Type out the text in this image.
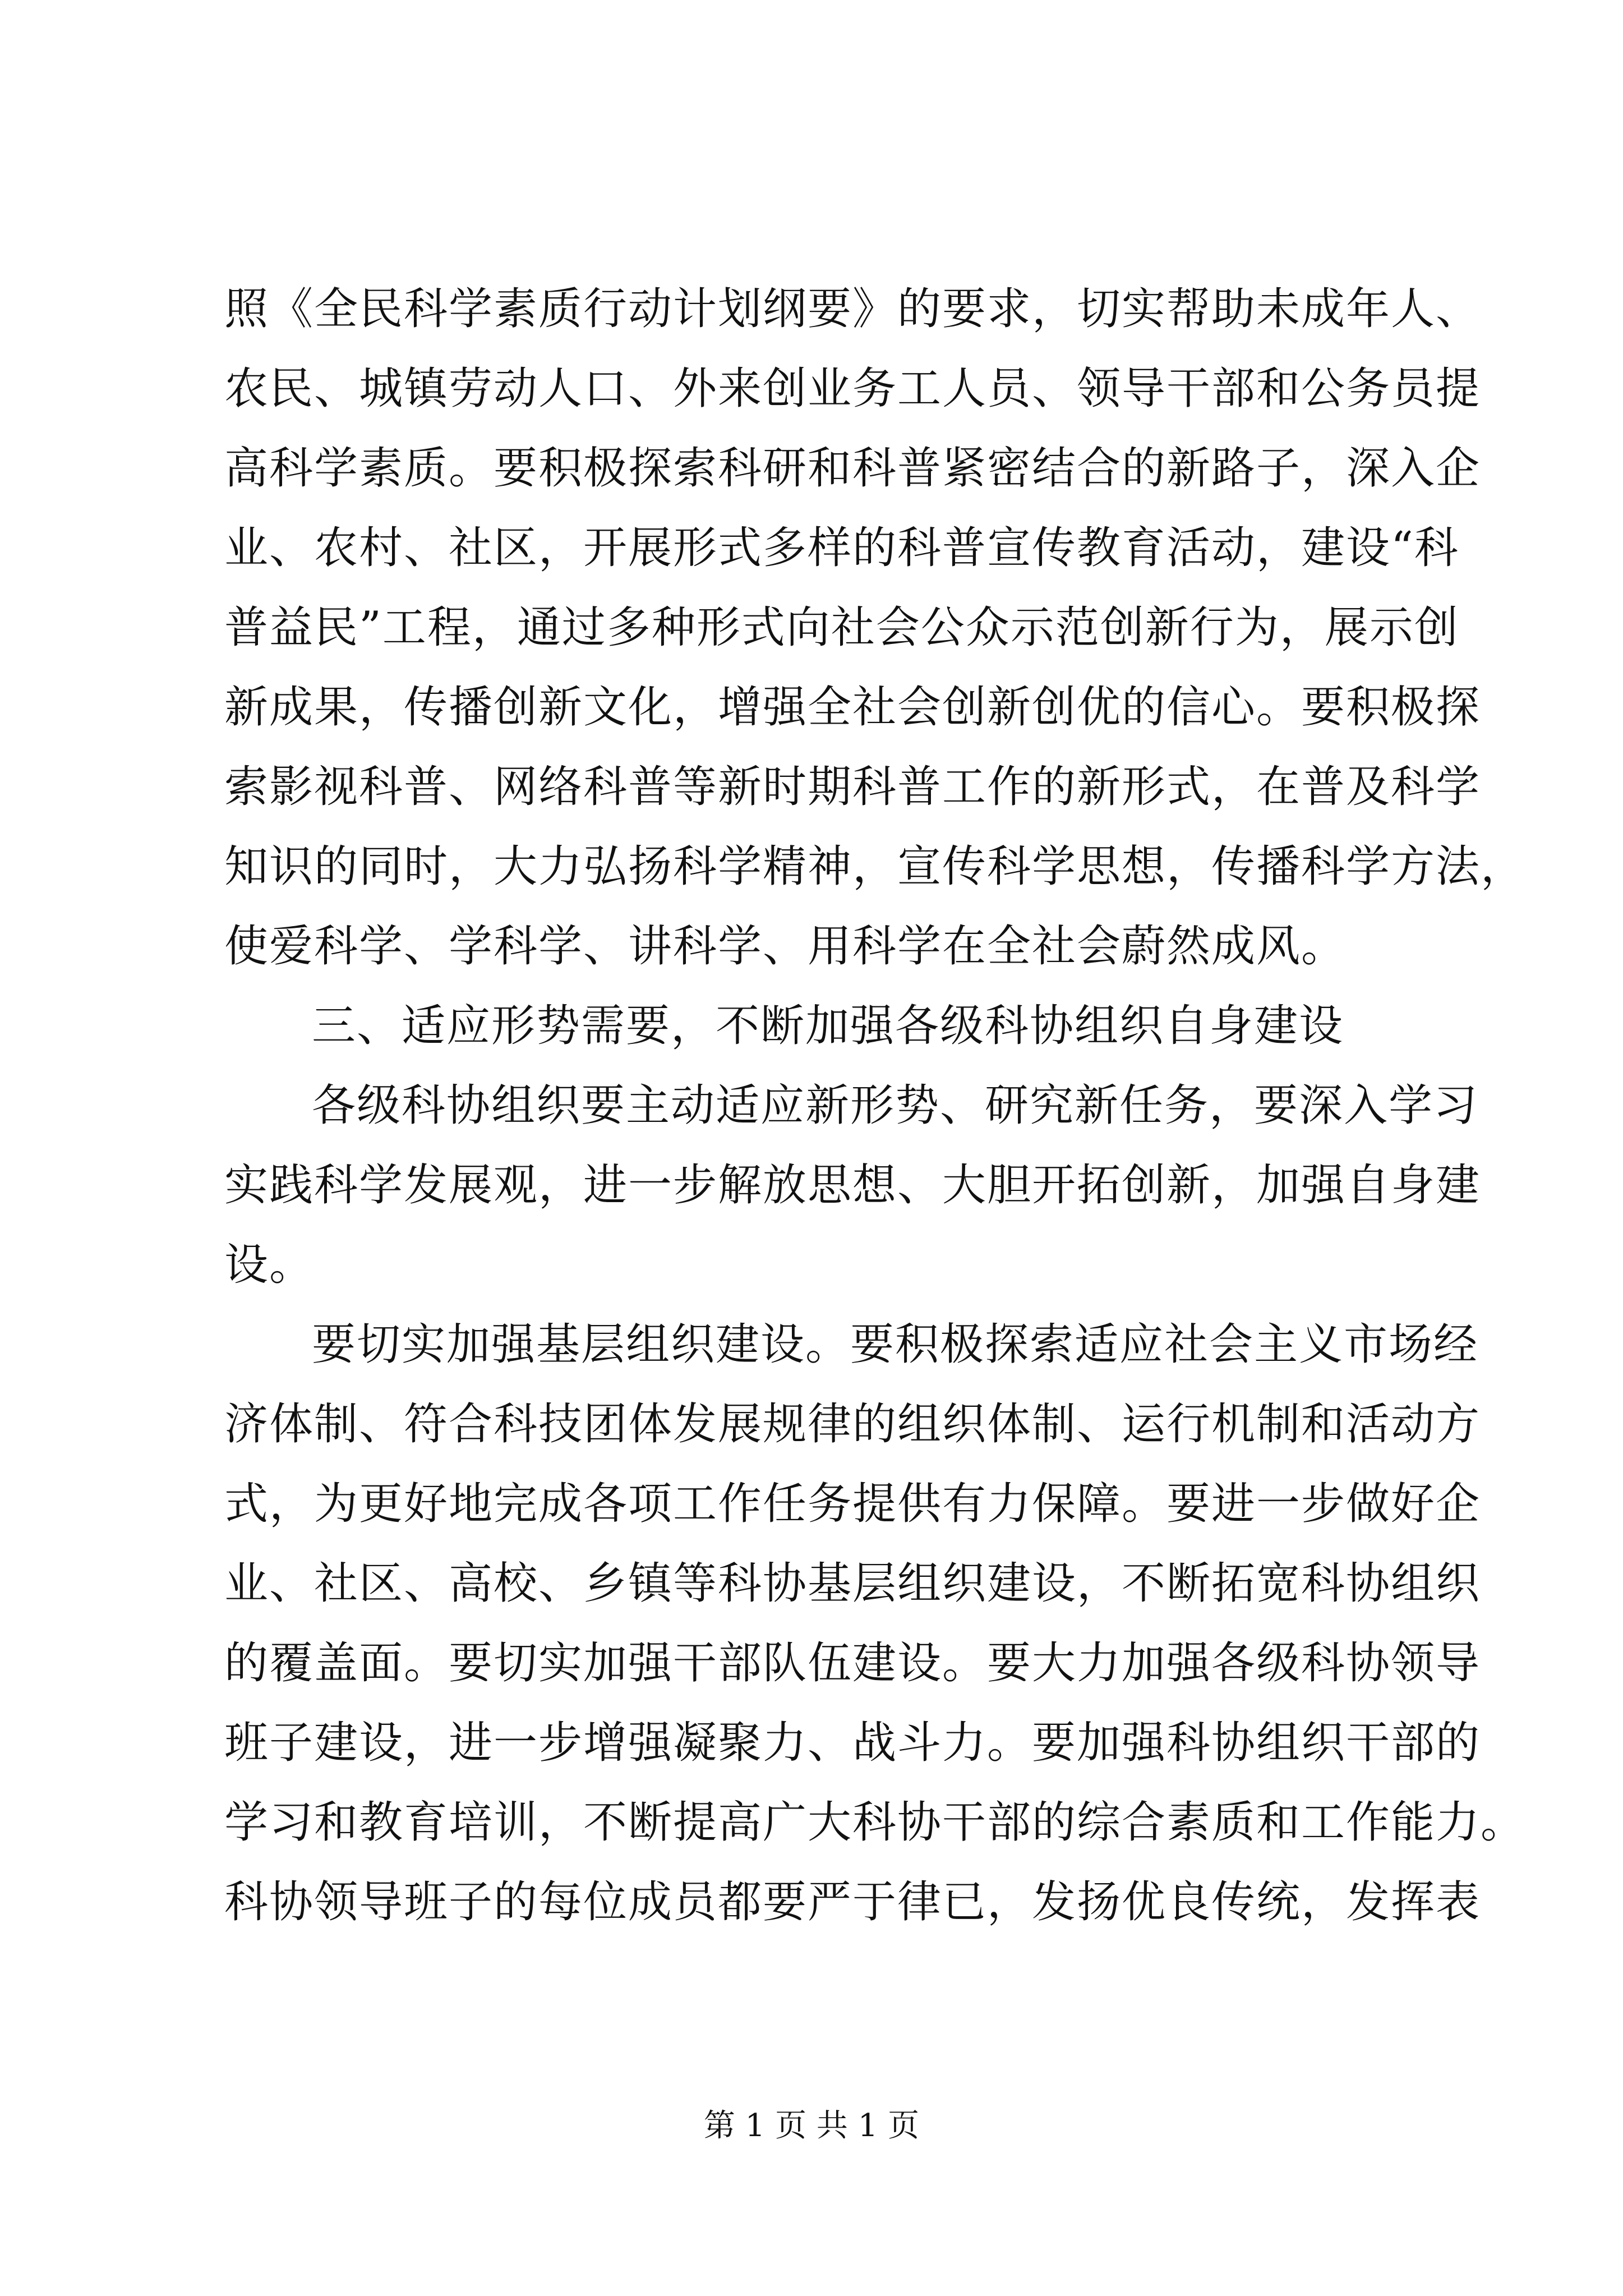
照《全民科学素质行动计划纲要》的要求，切实帮助未成年人、
农民、城镇劳动人口、外来创业务工人员、领导干部和公务员提
高科学素质。要积极探索科研和科普紧密结合的新路子，深入企
业、农村、社区，开展形式多样的科普宣传教育活动，建设“科
普益民”工程，通过多种形式向社会公众示范创新行为，展示创
新成果，传播创新文化，增强全社会创新创优的信心。要积极探
索影视科普、网络科普等新时期科普工作的新形式，在普及科学
知识的同时，大力弘扬科学精神，宣传科学思想，传播科学方法，
使爱科学、学科学、讲科学、用科学在全社会蔚然成风。
三、适应形势需要，不断加强各级科协组织自身建设
各级科协组织要主动适应新形势、研究新任务，要深入学习
实践科学发展观，进一步解放思想、大胆开拓创新，加强自身建
设。
要切实加强基层组织建设。要积极探索适应社会主义市场经
济体制、符合科技团体发展规律的组织体制、运行机制和活动方
式，为更好地完成各项工作任务提供有力保障。要进一步做好企
业、社区、高校、乡镇等科协基层组织建设，不断拓宽科协组织
的覆盖面。要切实加强干部队伍建设。要大力加强各级科协领导
班子建设，进一步增强凝聚力、战斗力。要加强科协组织干部的
学习和教育培训，不断提高广大科协干部的综合素质和工作能力。
科协领导班子的每位成员都要严于律已，发扬优良传统，发挥表
第 1 页 共 1 页
